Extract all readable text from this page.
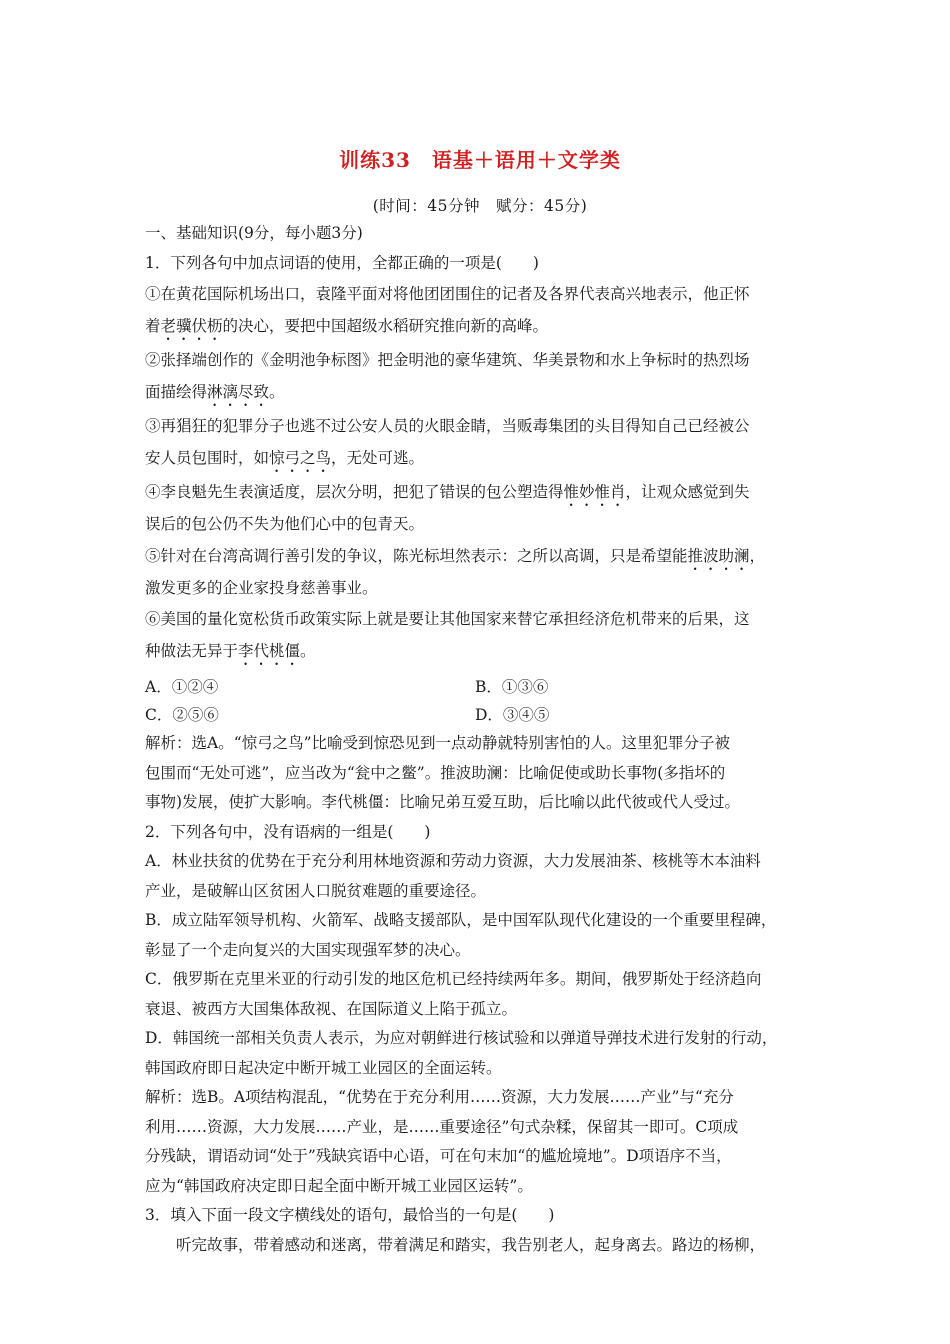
训练33　语基＋语用＋文学类
(时间：45分钟　赋分：45分)
一、基础知识(9分，每小题3分)
1．下列各句中加点词语的使用，全都正确的一项是(　　)
①在黄花国际机场出口，袁隆平面对将他团团围住的记者及各界代表高兴地表示，他正怀
着老骥伏枥的决心，要把中国超级水稻研究推向新的高峰。
②张择端创作的《金明池争标图》把金明池的豪华建筑、华美景物和水上争标时的热烈场
面描绘得淋漓尽致。
③再猖狂的犯罪分子也逃不过公安人员的火眼金睛，当贩毒集团的头目得知自己已经被公
安人员包围时，如惊弓之鸟，无处可逃。
④李良魁先生表演适度，层次分明，把犯了错误的包公塑造得惟妙惟肖，让观众感觉到失
误后的包公仍不失为他们心中的包青天。
⑤针对在台湾高调行善引发的争议，陈光标坦然表示：之所以高调，只是希望能推波助澜，
激发更多的企业家投身慈善事业。
⑥美国的量化宽松货币政策实际上就是要让其他国家来替它承担经济危机带来的后果，这
种做法无异于李代桃僵。
A．①②④	B．①③⑥
C．②⑤⑥	D．③④⑤
解析：选A。“惊弓之鸟”比喻受到惊恐见到一点动静就特别害怕的人。这里犯罪分子被
包围而“无处可逃”，应当改为“瓮中之鳖”。推波助澜：比喻促使或助长事物(多指坏的
事物)发展，使扩大影响。李代桃僵：比喻兄弟互爱互助，后比喻以此代彼或代人受过。
2．下列各句中，没有语病的一组是(　　)
A．林业扶贫的优势在于充分利用林地资源和劳动力资源，大力发展油茶、核桃等木本油料
产业，是破解山区贫困人口脱贫难题的重要途径。
B．成立陆军领导机构、火箭军、战略支援部队，是中国军队现代化建设的一个重要里程碑，
彰显了一个走向复兴的大国实现强军梦的决心。
C．俄罗斯在克里米亚的行动引发的地区危机已经持续两年多。期间，俄罗斯处于经济趋向
衰退、被西方大国集体敌视、在国际道义上陷于孤立。
D．韩国统一部相关负责人表示，为应对朝鲜进行核试验和以弹道导弹技术进行发射的行动，
韩国政府即日起决定中断开城工业园区的全面运转。
解析：选B。A项结构混乱，“优势在于充分利用……资源，大力发展……产业”与“充分
利用……资源，大力发展……产业，是……重要途径”句式杂糅，保留其一即可。C项成
分残缺，谓语动词“处于”残缺宾语中心语，可在句末加“的尴尬境地”。D项语序不当，
应为“韩国政府决定即日起全面中断开城工业园区运转”。
3．填入下面一段文字横线处的语句，最恰当的一句是(　　)
听完故事，带着感动和迷离，带着满足和踏实，我告别老人，起身离去。路边的杨柳，
